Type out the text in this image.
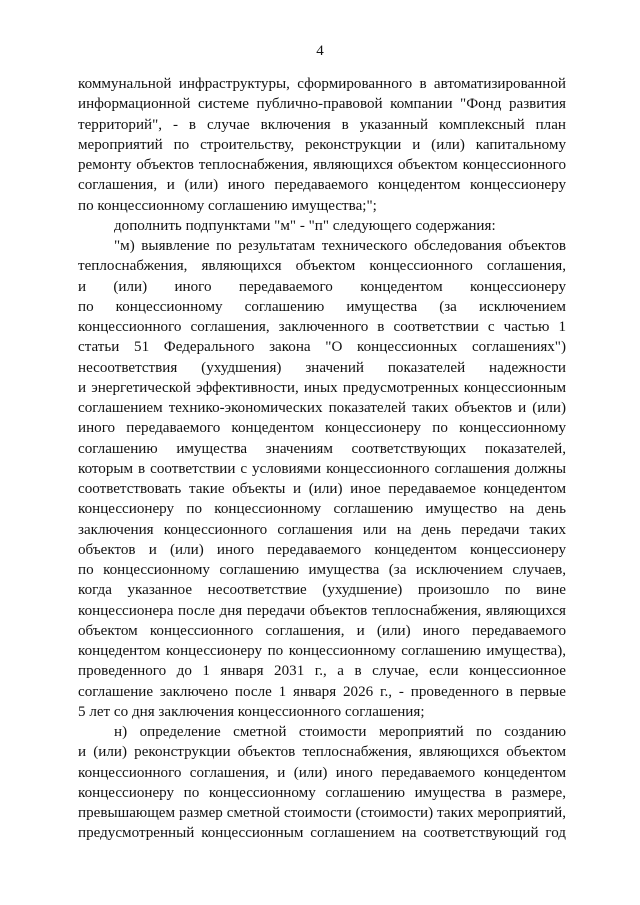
4
коммунальной инфраструктуры, сформированного в автоматизированной
информационной системе публично-правовой компании "Фонд развития
территорий", - в случае включения в указанный комплексный план
мероприятий по строительству, реконструкции и (или) капитальному
ремонту объектов теплоснабжения, являющихся объектом концессионного
соглашения, и (или) иного передаваемого концедентом концессионеру
по концессионному соглашению имущества;";
дополнить подпунктами "м" - "п" следующего содержания:
"м) выявление по результатам технического обследования объектов
теплоснабжения, являющихся объектом концессионного соглашения,
и (или) иного передаваемого концедентом концессионеру
по концессионному соглашению имущества (за исключением
концессионного соглашения, заключенного в соответствии с частью 1
статьи 51 Федерального закона "О концессионных соглашениях")
несоответствия (ухудшения) значений показателей надежности
и энергетической эффективности, иных предусмотренных концессионным
соглашением технико-экономических показателей таких объектов и (или)
иного передаваемого концедентом концессионеру по концессионному
соглашению имущества значениям соответствующих показателей,
которым в соответствии с условиями концессионного соглашения должны
соответствовать такие объекты и (или) иное передаваемое концедентом
концессионеру по концессионному соглашению имущество на день
заключения концессионного соглашения или на день передачи таких
объектов и (или) иного передаваемого концедентом концессионеру
по концессионному соглашению имущества (за исключением случаев,
когда указанное несоответствие (ухудшение) произошло по вине
концессионера после дня передачи объектов теплоснабжения, являющихся
объектом концессионного соглашения, и (или) иного передаваемого
концедентом концессионеру по концессионному соглашению имущества),
проведенного до 1 января 2031 г., а в случае, если концессионное
соглашение заключено после 1 января 2026 г., - проведенного в первые
5 лет со дня заключения концессионного соглашения;
н) определение сметной стоимости мероприятий по созданию
и (или) реконструкции объектов теплоснабжения, являющихся объектом
концессионного соглашения, и (или) иного передаваемого концедентом
концессионеру по концессионному соглашению имущества в размере,
превышающем размер сметной стоимости (стоимости) таких мероприятий,
предусмотренный концессионным соглашением на соответствующий год
